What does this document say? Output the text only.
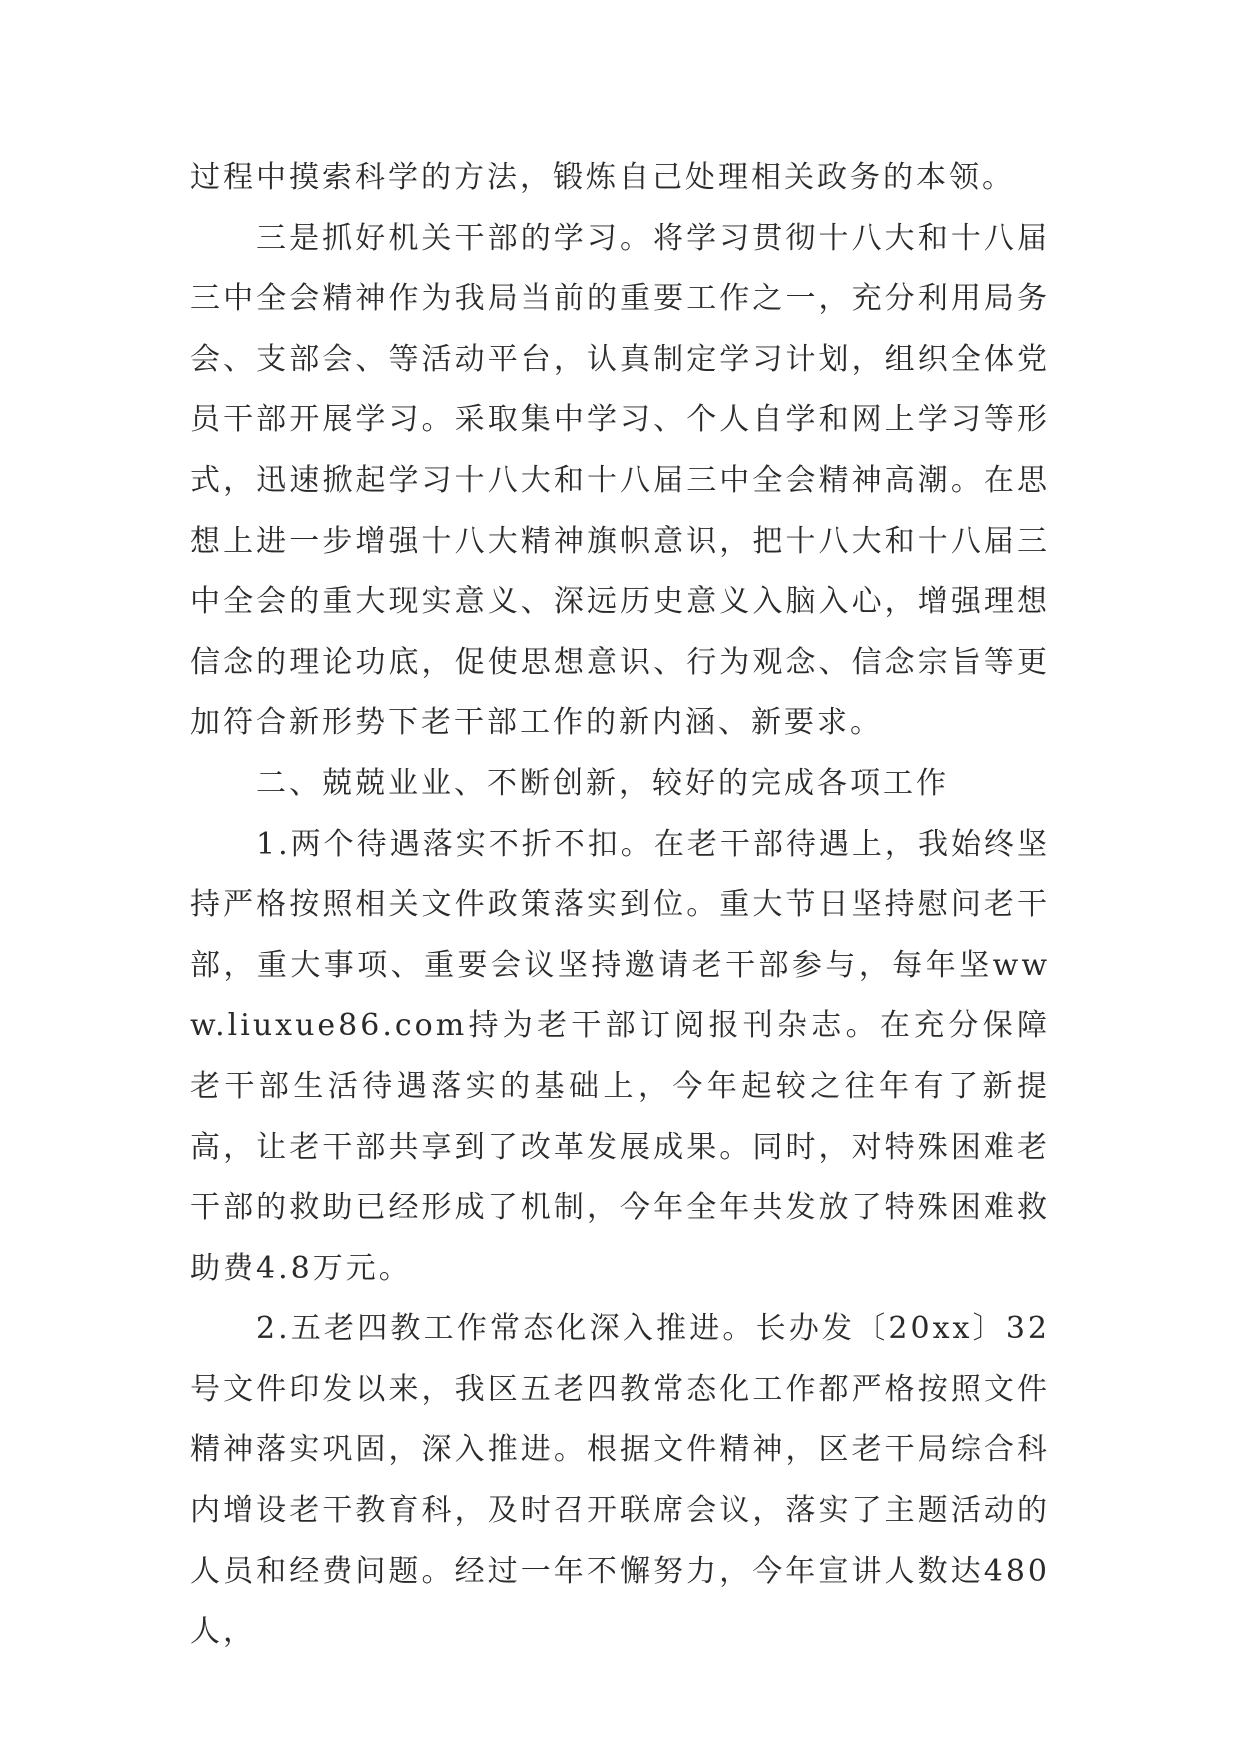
过程中摸索科学的方法，锻炼自己处理相关政务的本领。

三是抓好机关干部的学习。将学习贯彻十八大和十八届三中全会精神作为我局当前的重要工作之一，充分利用局务会、支部会、等活动平台，认真制定学习计划，组织全体党员干部开展学习。采取集中学习、个人自学和网上学习等形式，迅速掀起学习十八大和十八届三中全会精神高潮。在思想上进一步增强十八大精神旗帜意识，把十八大和十八届三中全会的重大现实意义、深远历史意义入脑入心，增强理想信念的理论功底，促使思想意识、行为观念、信念宗旨等更加符合新形势下老干部工作的新内涵、新要求。

二、兢兢业业、不断创新，较好的完成各项工作

1.两个待遇落实不折不扣。在老干部待遇上，我始终坚持严格按照相关文件政策落实到位。重大节日坚持慰问老干部，重大事项、重要会议坚持邀请老干部参与，每年坚www.liuxue86.com持为老干部订阅报刊杂志。在充分保障老干部生活待遇落实的基础上，今年起较之往年有了新提高，让老干部共享到了改革发展成果。同时，对特殊困难老干部的救助已经形成了机制，今年全年共发放了特殊困难救助费4.8万元。

2.五老四教工作常态化深入推进。长办发〔20xx〕32号文件印发以来，我区五老四教常态化工作都严格按照文件精神落实巩固，深入推进。根据文件精神，区老干局综合科内增设老干教育科，及时召开联席会议，落实了主题活动的人员和经费问题。经过一年不懈努力，今年宣讲人数达480人，
